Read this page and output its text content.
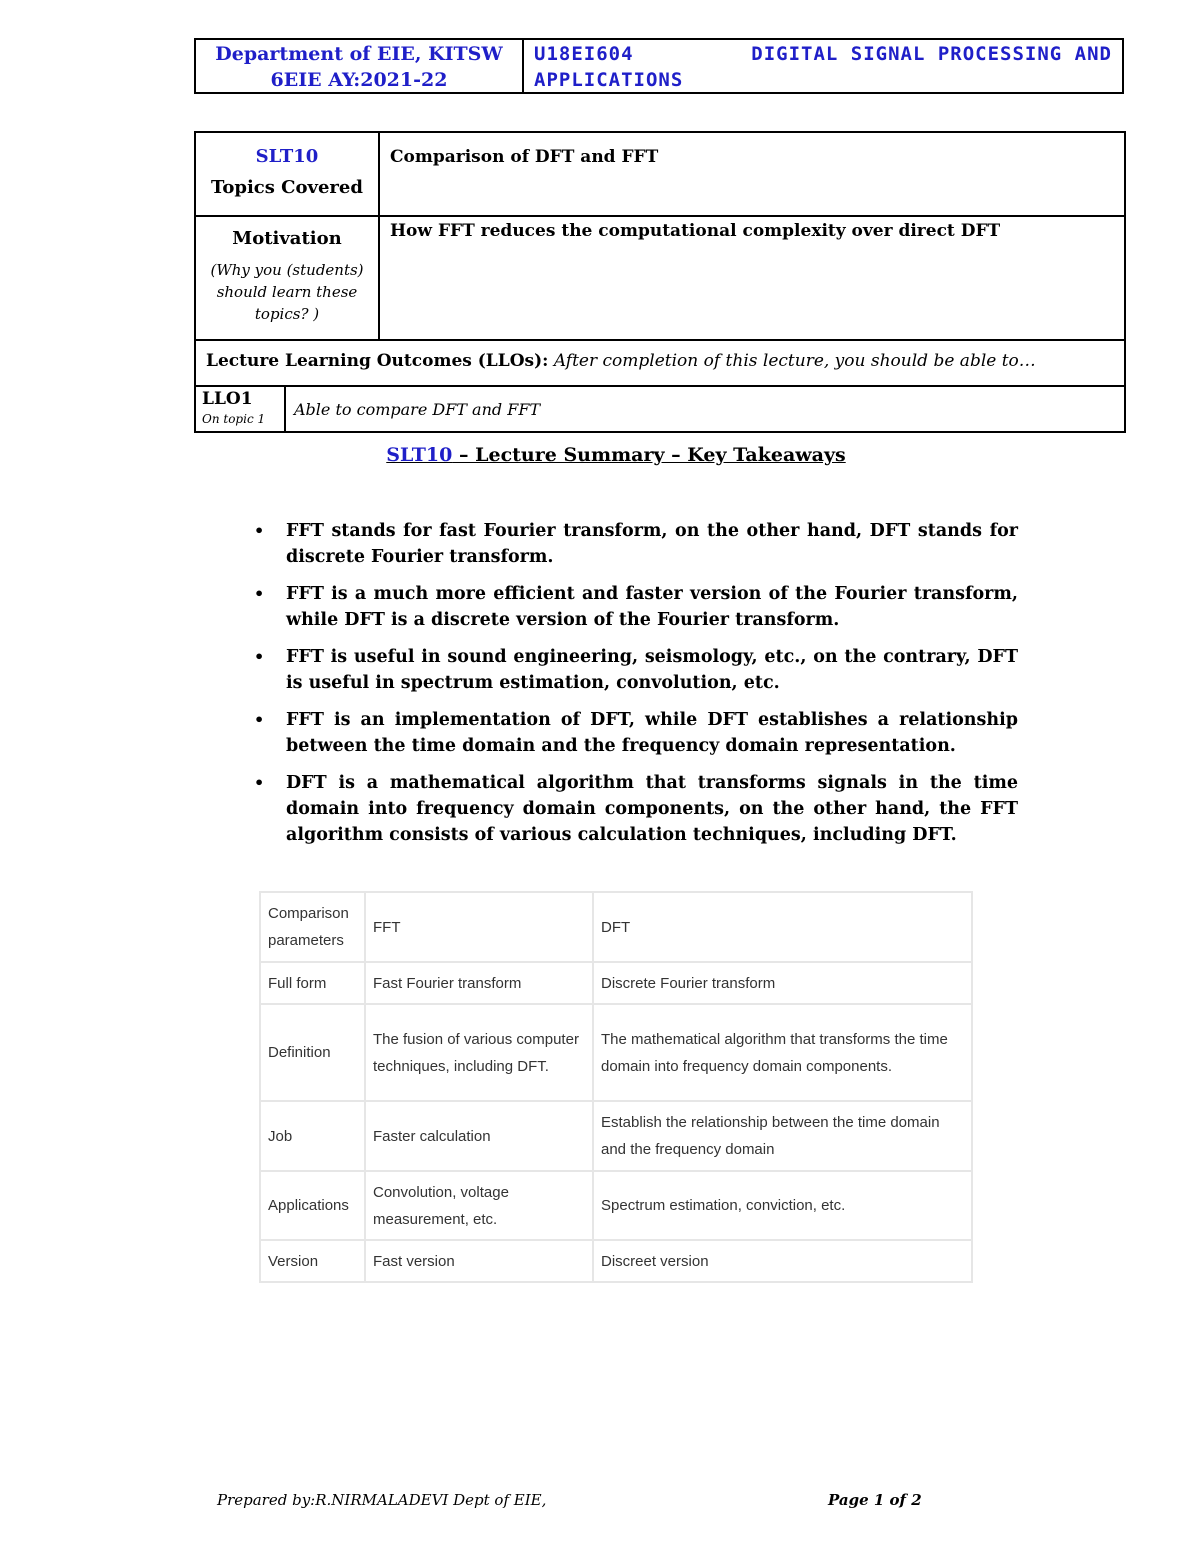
Department of EIE, KITSW
6EIE AY:2021-22
U18EI604	DIGITAL SIGNAL PROCESSING AND
APPLICATIONS
SLT10
Topics Covered
	Comparison of DFT and FFT

Motivation
(Why you (students) should learn these topics? )
	How FFT reduces the computational complexity over direct DFT
Lecture Learning Outcomes (LLOs): After completion of this lecture, you should be able to…

LLO1
On topic 1
	Able to compare DFT and FFT
SLT10 – Lecture Summary – Key Takeaways
• FFT stands for fast Fourier transform, on the other hand, DFT stands for discrete Fourier transform.
• FFT is a much more efficient and faster version of the Fourier transform, while DFT is a discrete version of the Fourier transform.
• FFT is useful in sound engineering, seismology, etc., on the contrary, DFT is useful in spectrum estimation, convolution, etc.
• FFT is an implementation of DFT, while DFT establishes a relationship between the time domain and the frequency domain representation.
• DFT is a mathematical algorithm that transforms signals in the time domain into frequency domain components, on the other hand, the FFT algorithm consists of various calculation techniques, including DFT.
Comparison parameters	FFT	DFT
Full form	Fast Fourier transform	Discrete Fourier transform
Definition	The fusion of various computer techniques, including DFT.	The mathematical algorithm that transforms the time domain into frequency domain components.
Job	Faster calculation	Establish the relationship between the time domain and the frequency domain
Applications	Convolution, voltage measurement, etc.	Spectrum estimation, conviction, etc.
Version	Fast version	Discreet version
Prepared by:R.NIRMALADEVI Dept of EIE,	Page 1 of 2
